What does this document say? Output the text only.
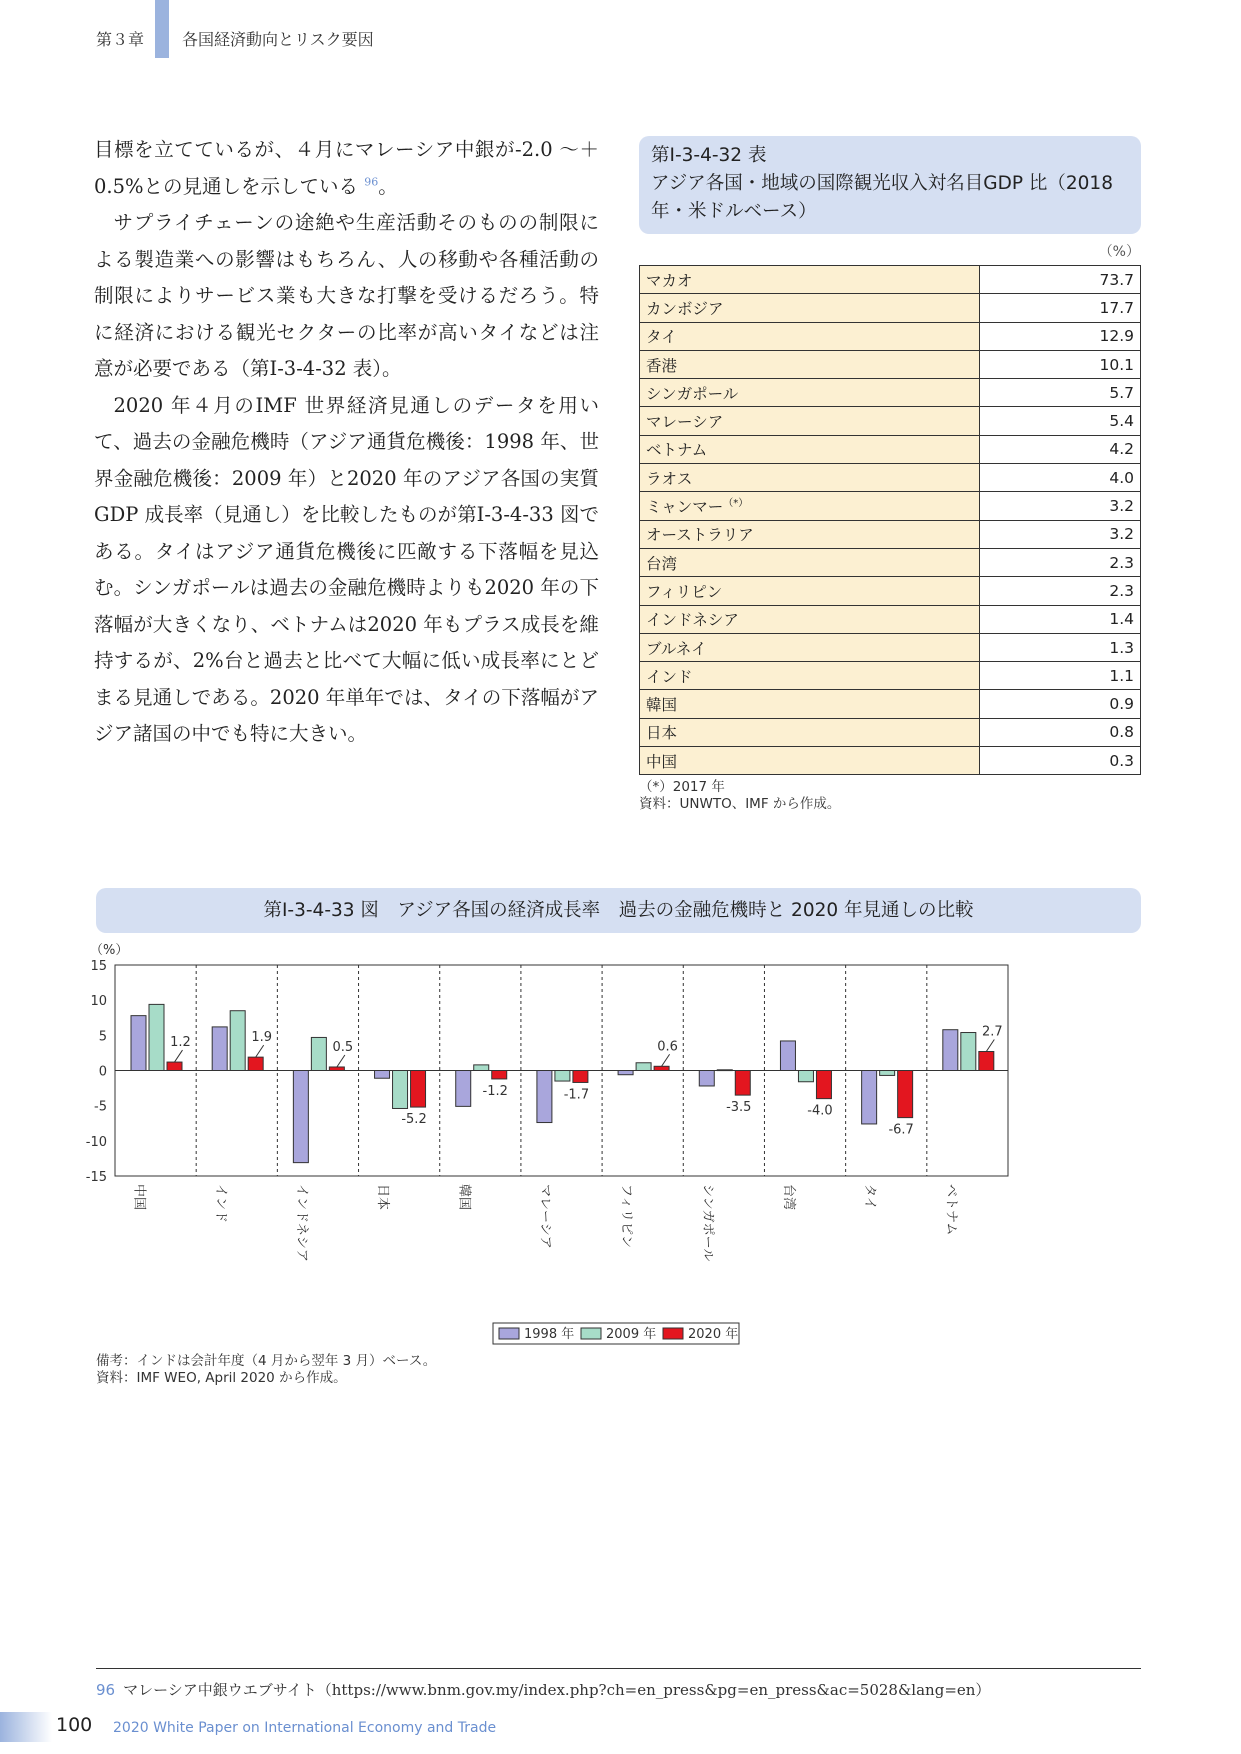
第３章 各国経済動向とリスク要因

目標を立てているが、４月にマレーシア中銀が-2.0 ～＋0.5%との見通しを示している $^{96}$。

サプライチェーンの途絶や生産活動そのものの制限による製造業への影響はもちろん、人の移動や各種活動の制限によりサービス業も大きな打撃を受けるだろう。特に経済における観光セクターの比率が高いタイなどは注意が必要である（第Ⅰ-3-4-32 表）。

2020 年４月のIMF 世界経済見通しのデータを用いて、過去の金融危機時（アジア通貨危機後：1998 年、世界金融危機後：2009 年）と2020 年のアジア各国の実質GDP 成長率（見通し）を比較したものが第Ⅰ-3-4-33 図である。タイはアジア通貨危機後に匹敵する下落幅を見込む。シンガポールは過去の金融危機時よりも2020 年の下落幅が大きくなり、ベトナムは2020 年もプラス成長を維持するが、2%台と過去と比べて大幅に低い成長率にとどまる見通しである。2020 年単年では、タイの下落幅がアジア諸国の中でも特に大きい。

第Ⅰ-3-4-32 表
アジア各国・地域の国際観光収入対名目GDP 比（2018 年・米ドルベース）
（%）
マカオ	73.7
カンボジア	17.7
タイ	12.9
香港	10.1
シンガポール	5.7
マレーシア	5.4
ベトナム	4.2
ラオス	4.0
ミャンマー（*）	3.2
オーストラリア	3.2
台湾	2.3
フィリピン	2.3
インドネシア	1.4
ブルネイ	1.3
インド	1.1
韓国	0.9
日本	0.8
中国	0.3
（*）2017 年
資料：UNWTO、IMF から作成。
第Ⅰ-3-4-33 図　アジア各国の経済成長率　過去の金融危機時と 2020 年見通しの比較
（%）
15
10
5
0
-5
-10
-15
1.2
中国
1.9
インド
0.5
インドネシア
-5.2
日本
-1.2
韓国
-1.7
マレーシア
0.6
フィリピン
-3.5
シンガポール
-4.0
台湾
-6.7
タイ
2.7
ベトナム
1998 年 2009 年 2020 年
備考：インドは会計年度（4 月から翌年 3 月）ベース。
資料：IMF WEO, April 2020 から作成。
96 マレーシア中銀ウエブサイト（https://www.bnm.gov.my/index.php?ch=en_press&pg=en_press&ac=5028&lang=en）
100 2020 White Paper on International Economy and Trade
